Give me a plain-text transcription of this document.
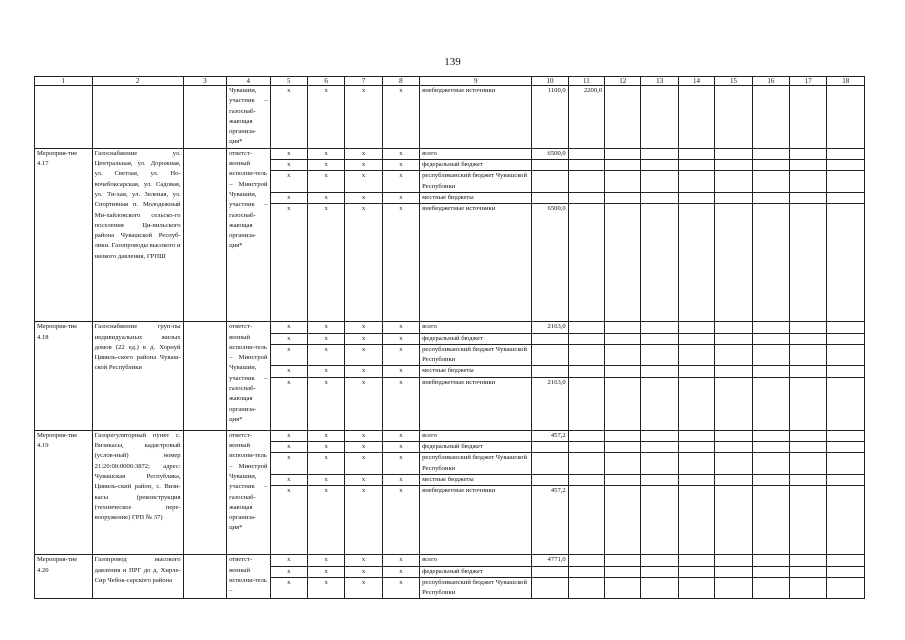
139
1	2	3	4	5	6	7	8	9	10	11	12	13	14	15	16	17	18
			Чувашии, участник – газоснаб-жающая организа-ция*	х	х	х	х	внебюджетные источники	1100,0	2200,0							
Мероприя-тие 4.17	Газоснабжение ул. Центральная, ул. Дорожная, ул. Светлая, ул. Но-вочебоксарская, ул. Садовая, ул. Ти-хая, ул. Зеленая, ул. Спортивная п. Молодежный Ми-хайловского сельско-го поселения Ци-вильского района Чувашской Респуб-лики. Газопроводы высокого и низкого давления, ГРПШ		ответст-венный исполни-тель – Минстрой Чувашии, участник – газоснаб-жающая организа-ция*	х	х	х	х	всего	6500,0								
				х	х	х	х	федеральный бюджет									
				х	х	х	х	республиканский бюджет Чувашской Республики									
				х	х	х	х	местные бюджеты									
				х	х	х	х	внебюджетные источники	6500,0								
Мероприя-тие 4.18	Газоснабжение груп-пы индивидуальных жилых домов (22 ед.) в д. Хорнуй Цивиль-ского района Чуваш-ской Республики		ответст-венный исполни-тель – Минстрой Чувашии, участник – газоснаб-жающая организа-ция*	х	х	х	х	всего	2163,0								
				х	х	х	х	федеральный бюджет									
				х	х	х	х	республиканский бюджет Чувашской Республики									
				х	х	х	х	местные бюджеты									
				х	х	х	х	внебюджетные источники	2163,0								
Мероприя-тие 4.19	Газорегуляторный пункт с. Визикасы, кадастровый (услов-ный) номер 21:20:00:0000:3872; адрес: Чувашская Республика, Цивиль-ский район, с. Визи-касы (реконструкция (техническое пере-вооружение) ГРП № 37)		ответст-венный исполни-тель – Минстрой Чувашии, участник – газоснаб-жающая организа-ция*	х	х	х	х	всего	457,2								
				х	х	х	х	федеральный бюджет									
				х	х	х	х	республиканский бюджет Чувашской Республики									
				х	х	х	х	местные бюджеты									
				х	х	х	х	внебюджетные источники	457,2								
Мероприя-тие 4.20	Газопровод высокого давления и ПРГ до д. Хирле-Сир Чебок-сарского района		ответст-венный исполни-тель –	х	х	х	х	всего	4771,0								
				х	х	х	х	федеральный бюджет									
				х	х	х	х	республиканский бюджет Чувашской Республики									
